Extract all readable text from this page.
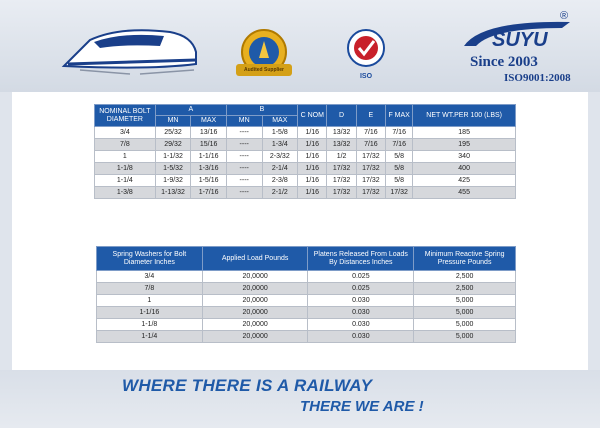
Audited Supplier
ISO
SUYU
®
Since 2003
ISO9001:2008
NOMINAL BOLT DIAMETER	A		B		C NOM	D	E	F MAX	NET WT.PER 100 (LBS)
	MN	MAX	MN	MAX					
3/4	25/32	13/16	----	1-5/8	1/16	13/32	7/16	7/16	185
7/8	29/32	15/16	----	1-3/4	1/16	13/32	7/16	7/16	195
1	1-1/32	1-1/16	----	2-3/32	1/16	1/2	17/32	5/8	340
1-1/8	1-5/32	1-3/16	----	2-1/4	1/16	17/32	17/32	5/8	400
1-1/4	1-9/32	1-5/16	----	2-3/8	1/16	17/32	17/32	5/8	425
1-3/8	1-13/32	1-7/16	----	2-1/2	1/16	17/32	17/32	17/32	455
Spring Washers for Bolt Diameter Inches	Applied Load Pounds	Platens Released From Loads By Distances Inches	Minimum Reactive Spring Pressure Pounds
3/4	20,0000	0.025	2,500
7/8	20,0000	0.025	2,500
1	20,0000	0.030	5,000
1-1/16	20,0000	0.030	5,000
1-1/8	20,0000	0.030	5,000
1-1/4	20,0000	0.030	5,000
WHERE THERE IS A RAILWAY
THERE WE ARE !
